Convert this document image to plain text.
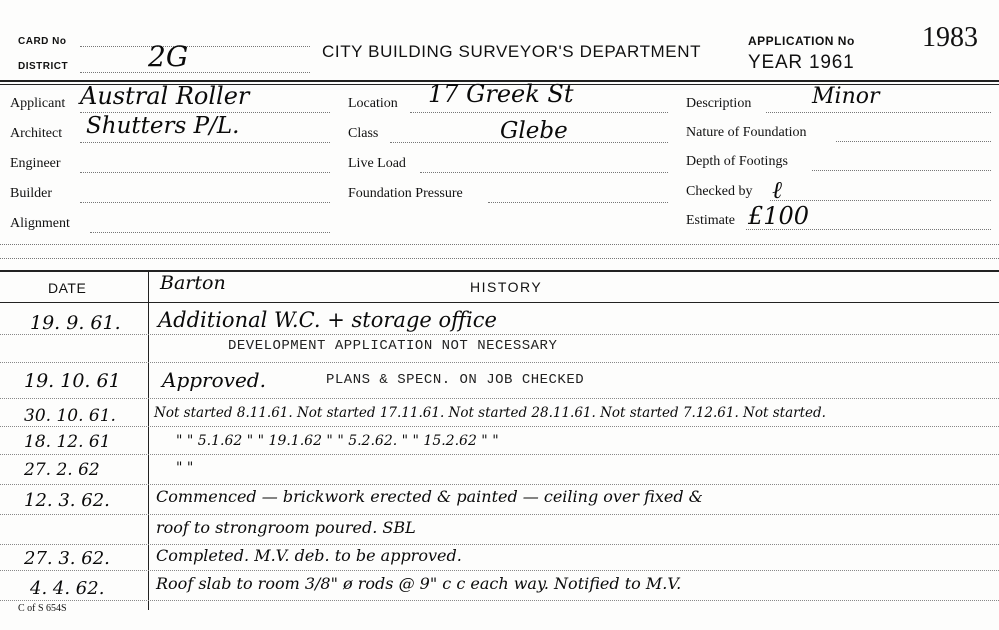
CARD No
DISTRICT	2G	CITY BUILDING SURVEYOR'S DEPARTMENT
APPLICATION No 1983
YEAR 1961
Applicant Austral Roller
Architect Shutters P/L.
Engineer
Builder
Alignment
Location 17 Greek St
Class	Glebe
Live Load
Foundation Pressure
Description	Minor
Nature of Foundation
Depth of Footings
Checked by ℓ
Estimate £100
DATE	HISTORY
Barton
19. 9. 61. Additional W.C. + storage office
DEVELOPMENT APPLICATION NOT NECESSARY
19. 10. 61 Approved.	PLANS & SPECN. ON JOB CHECKED
30. 10. 61.	Not started 8.11.61. Not started 17.11.61. Not started 28.11.61. Not started 7.12.61. Not started.
18. 12. 61	" " 5.1.62 " " 19.1.62 " " 5.2.62. " " 15.2.62 " "
27. 2. 62	" "
12. 3. 62.	Commenced — brickwork erected & painted — ceiling over fixed &
roof to strongroom poured. SBL
27. 3. 62.	Completed. M.V. deb. to be approved.
4. 4. 62.	Roof slab to room 3/8" ø rods @ 9" c c each way. Notified to M.V.
C of S 654S
